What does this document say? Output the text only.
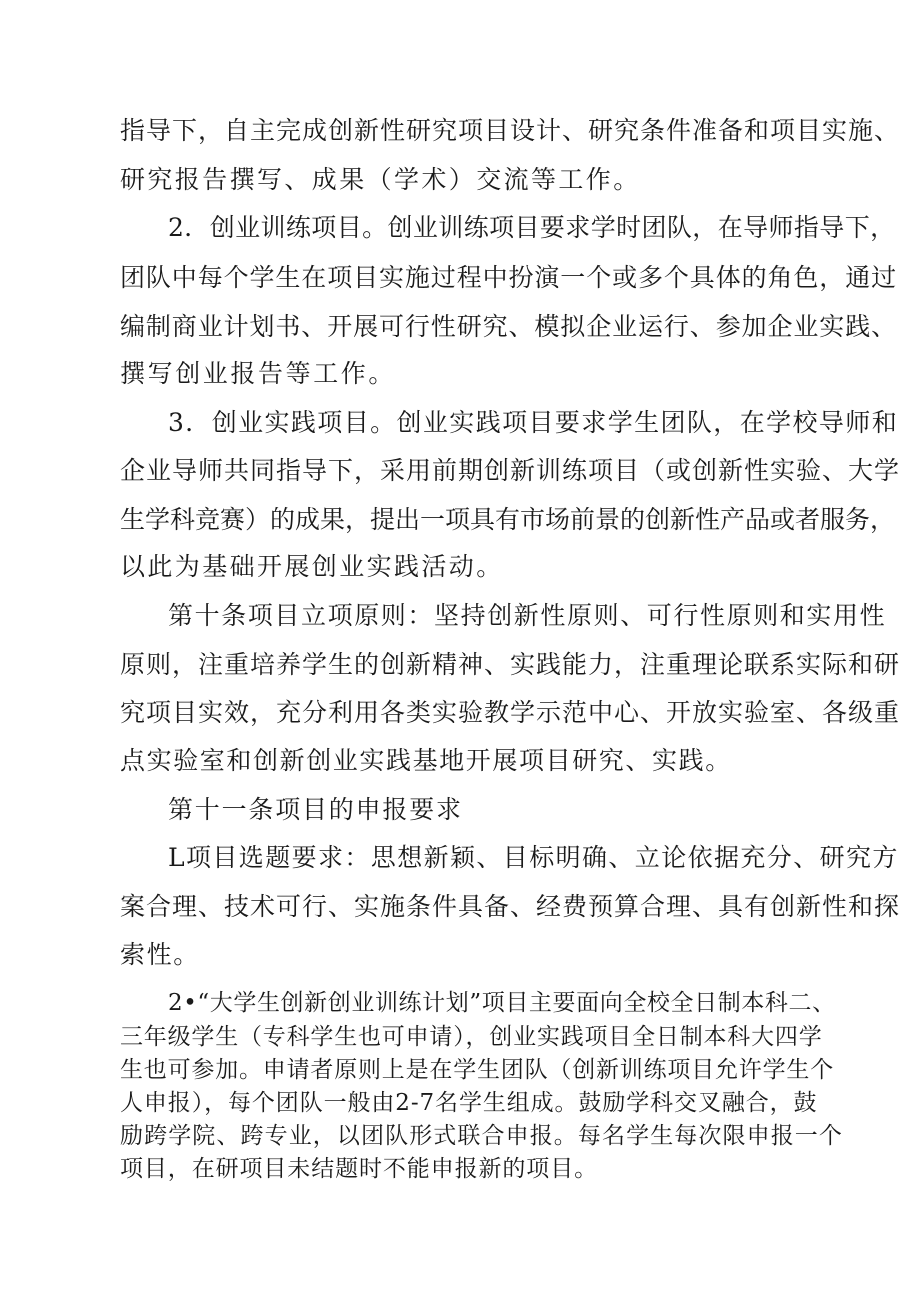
指导下，自主完成创新性研究项目设计、研究条件准备和项目实施、
研究报告撰写、成果（学术）交流等工作。
2．创业训练项目。创业训练项目要求学时团队，在导师指导下，
团队中每个学生在项目实施过程中扮演一个或多个具体的角色，通过
编制商业计划书、开展可行性研究、模拟企业运行、参加企业实践、
撰写创业报告等工作。
3．创业实践项目。创业实践项目要求学生团队，在学校导师和
企业导师共同指导下，采用前期创新训练项目（或创新性实验、大学
生学科竞赛）的成果，提出一项具有市场前景的创新性产品或者服务，
以此为基础开展创业实践活动。
第十条项目立项原则：坚持创新性原则、可行性原则和实用性
原则，注重培养学生的创新精神、实践能力，注重理论联系实际和研
究项目实效，充分利用各类实验教学示范中心、开放实验室、各级重
点实验室和创新创业实践基地开展项目研究、实践。
第十一条项目的申报要求
L项目选题要求：思想新颖、目标明确、立论依据充分、研究方
案合理、技术可行、实施条件具备、经费预算合理、具有创新性和探
索性。
2•“大学生创新创业训练计划”项目主要面向全校全日制本科二、
三年级学生（专科学生也可申请），创业实践项目全日制本科大四学
生也可参加。申请者原则上是在学生团队（创新训练项目允许学生个
人申报），每个团队一般由2-7名学生组成。鼓励学科交叉融合，鼓
励跨学院、跨专业，以团队形式联合申报。每名学生每次限申报一个
项目，在研项目未结题时不能申报新的项目。
